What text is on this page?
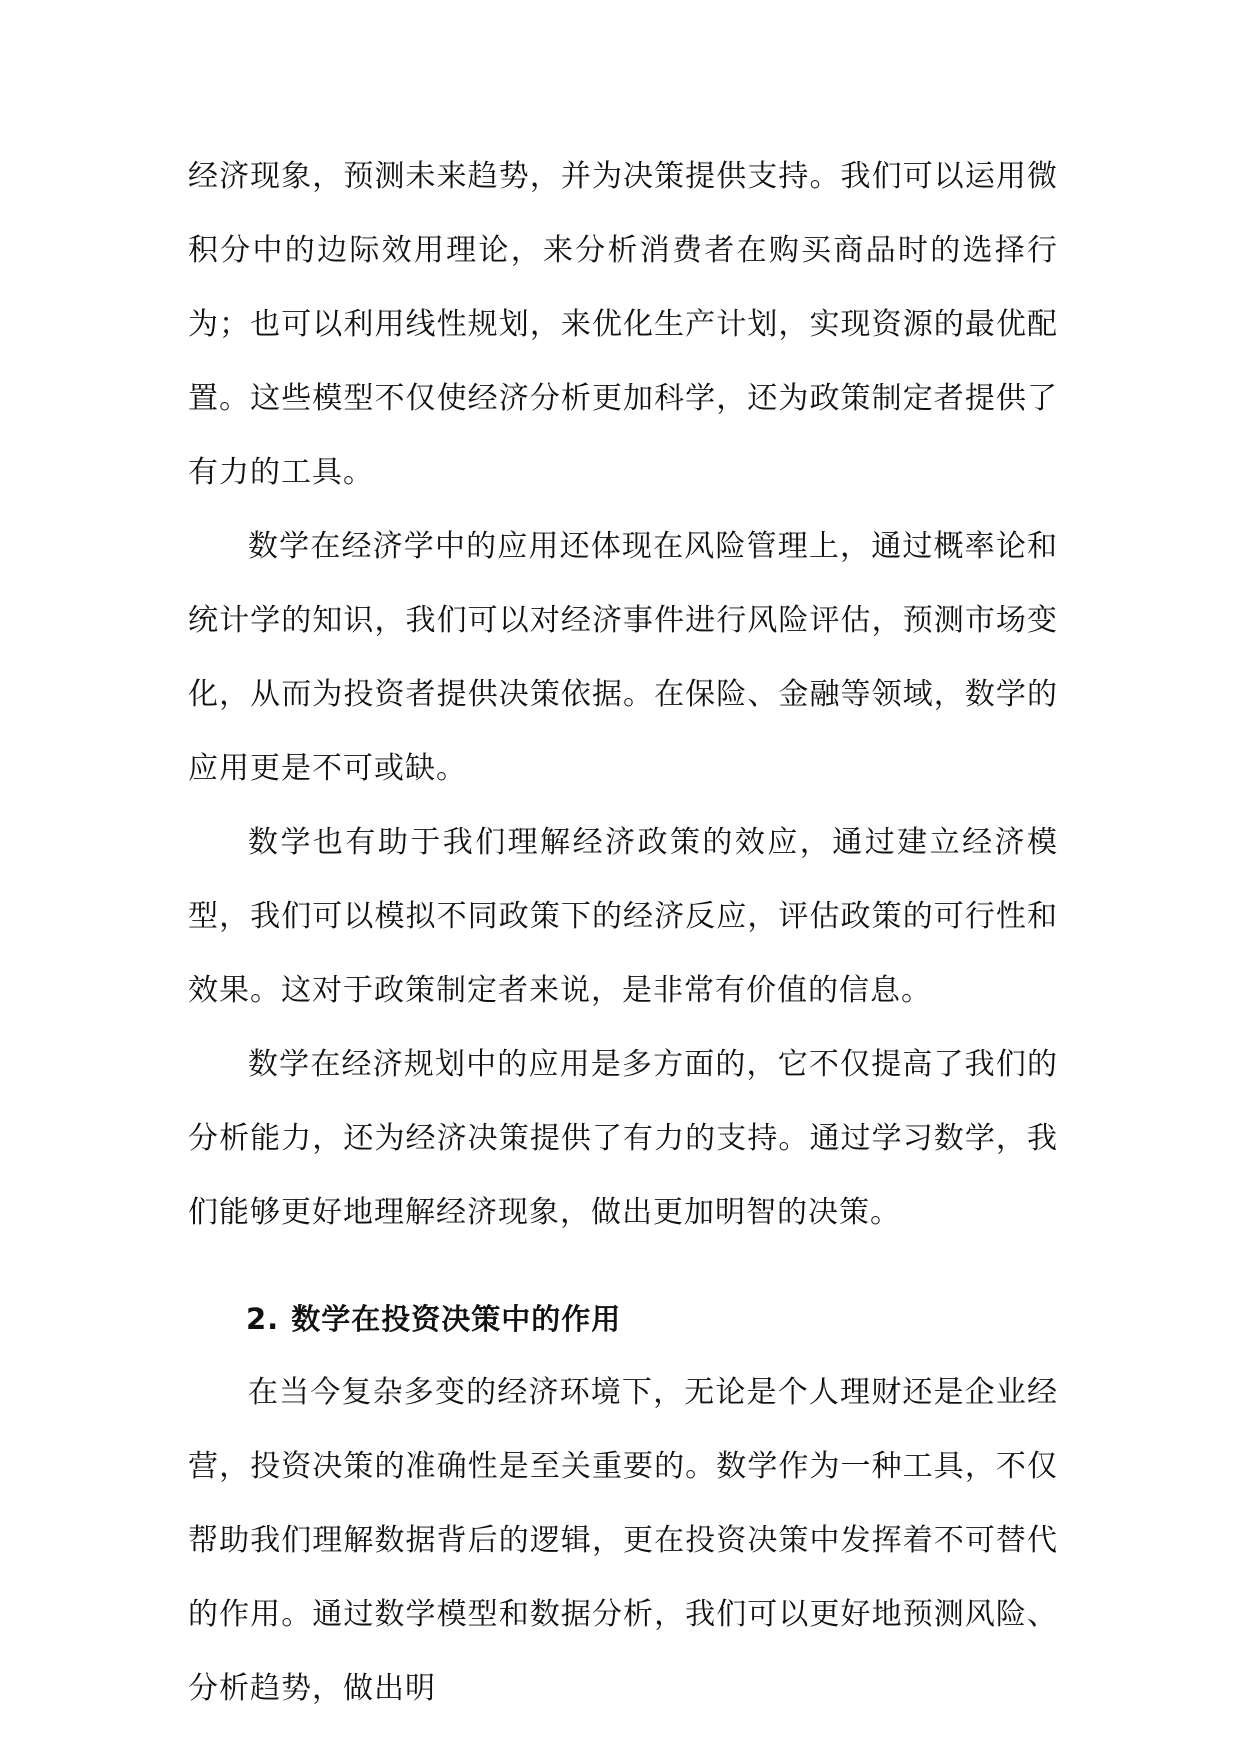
经济现象，预测未来趋势，并为决策提供支持。我们可以运用微积分中的边际效用理论，来分析消费者在购买商品时的选择行为；也可以利用线性规划，来优化生产计划，实现资源的最优配置。这些模型不仅使经济分析更加科学，还为政策制定者提供了有力的工具。

数学在经济学中的应用还体现在风险管理上，通过概率论和统计学的知识，我们可以对经济事件进行风险评估，预测市场变化，从而为投资者提供决策依据。在保险、金融等领域，数学的应用更是不可或缺。

数学也有助于我们理解经济政策的效应，通过建立经济模型，我们可以模拟不同政策下的经济反应，评估政策的可行性和效果。这对于政策制定者来说，是非常有价值的信息。

数学在经济规划中的应用是多方面的，它不仅提高了我们的分析能力，还为经济决策提供了有力的支持。通过学习数学，我们能够更好地理解经济现象，做出更加明智的决策。

2. 数学在投资决策中的作用

在当今复杂多变的经济环境下，无论是个人理财还是企业经营，投资决策的准确性是至关重要的。数学作为一种工具，不仅帮助我们理解数据背后的逻辑，更在投资决策中发挥着不可替代的作用。通过数学模型和数据分析，我们可以更好地预测风险、分析趋势，做出明
